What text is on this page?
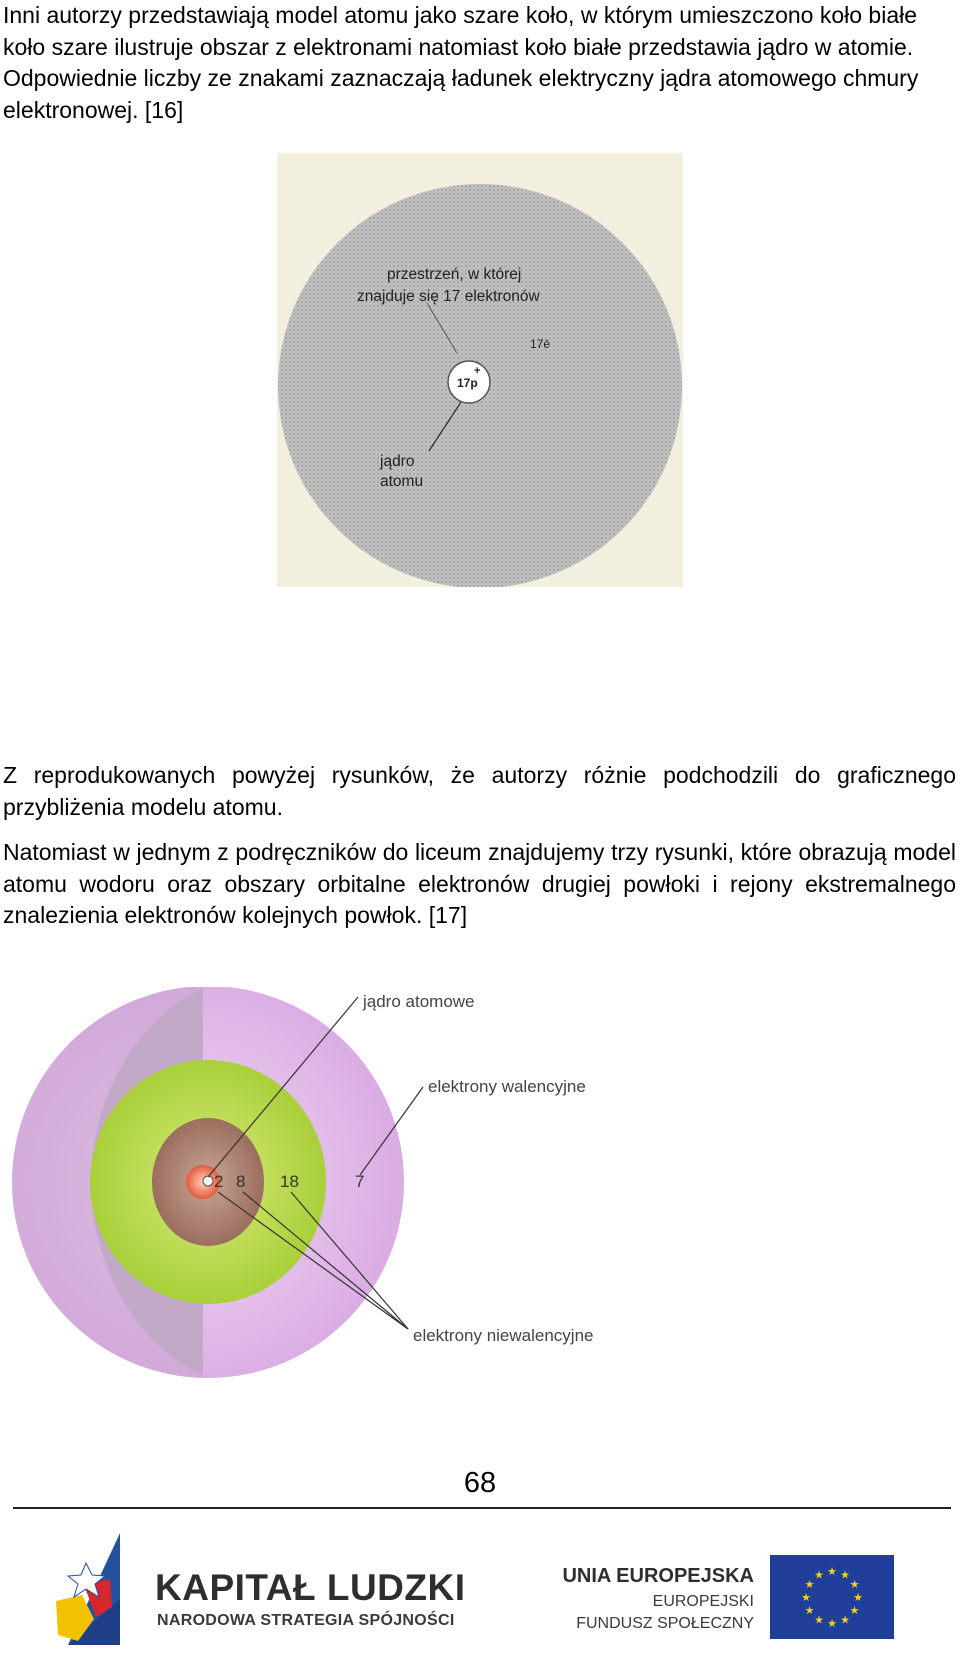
Inni autorzy przedstawiają model atomu jako szare koło, w którym umieszczono koło białe koło szare ilustruje obszar z elektronami natomiast koło białe przedstawia jądro w atomie. Odpowiednie liczby ze znakami zaznaczają ładunek elektryczny jądra atomowego chmury elektronowej. [16]

przestrzeń, w której
znajduje się 17 elektronów
17ē
17p
+
jądro
atomu

Z reprodukowanych powyżej rysunków, że autorzy różnie podchodzili do graficznego przybliżenia modelu atomu.

Natomiast w jednym z podręczników do liceum znajdujemy trzy rysunki, które obrazują model atomu wodoru oraz obszary orbitalne elektronów drugiej powłoki i rejony ekstremalnego znalezienia elektronów kolejnych powłok. [17]

2 8 18	7
jądro atomowe
elektrony walencyjne
elektrony niewalencyjne
68
KAPITAŁ LUDZKI
NARODOWA STRATEGIA SPÓJNOŚCI
UNIA EUROPEJSKA
EUROPEJSKI
FUNDUSZ SPOŁECZNY
★ ★
★
★
★
★
★
★
★
★
★
★
